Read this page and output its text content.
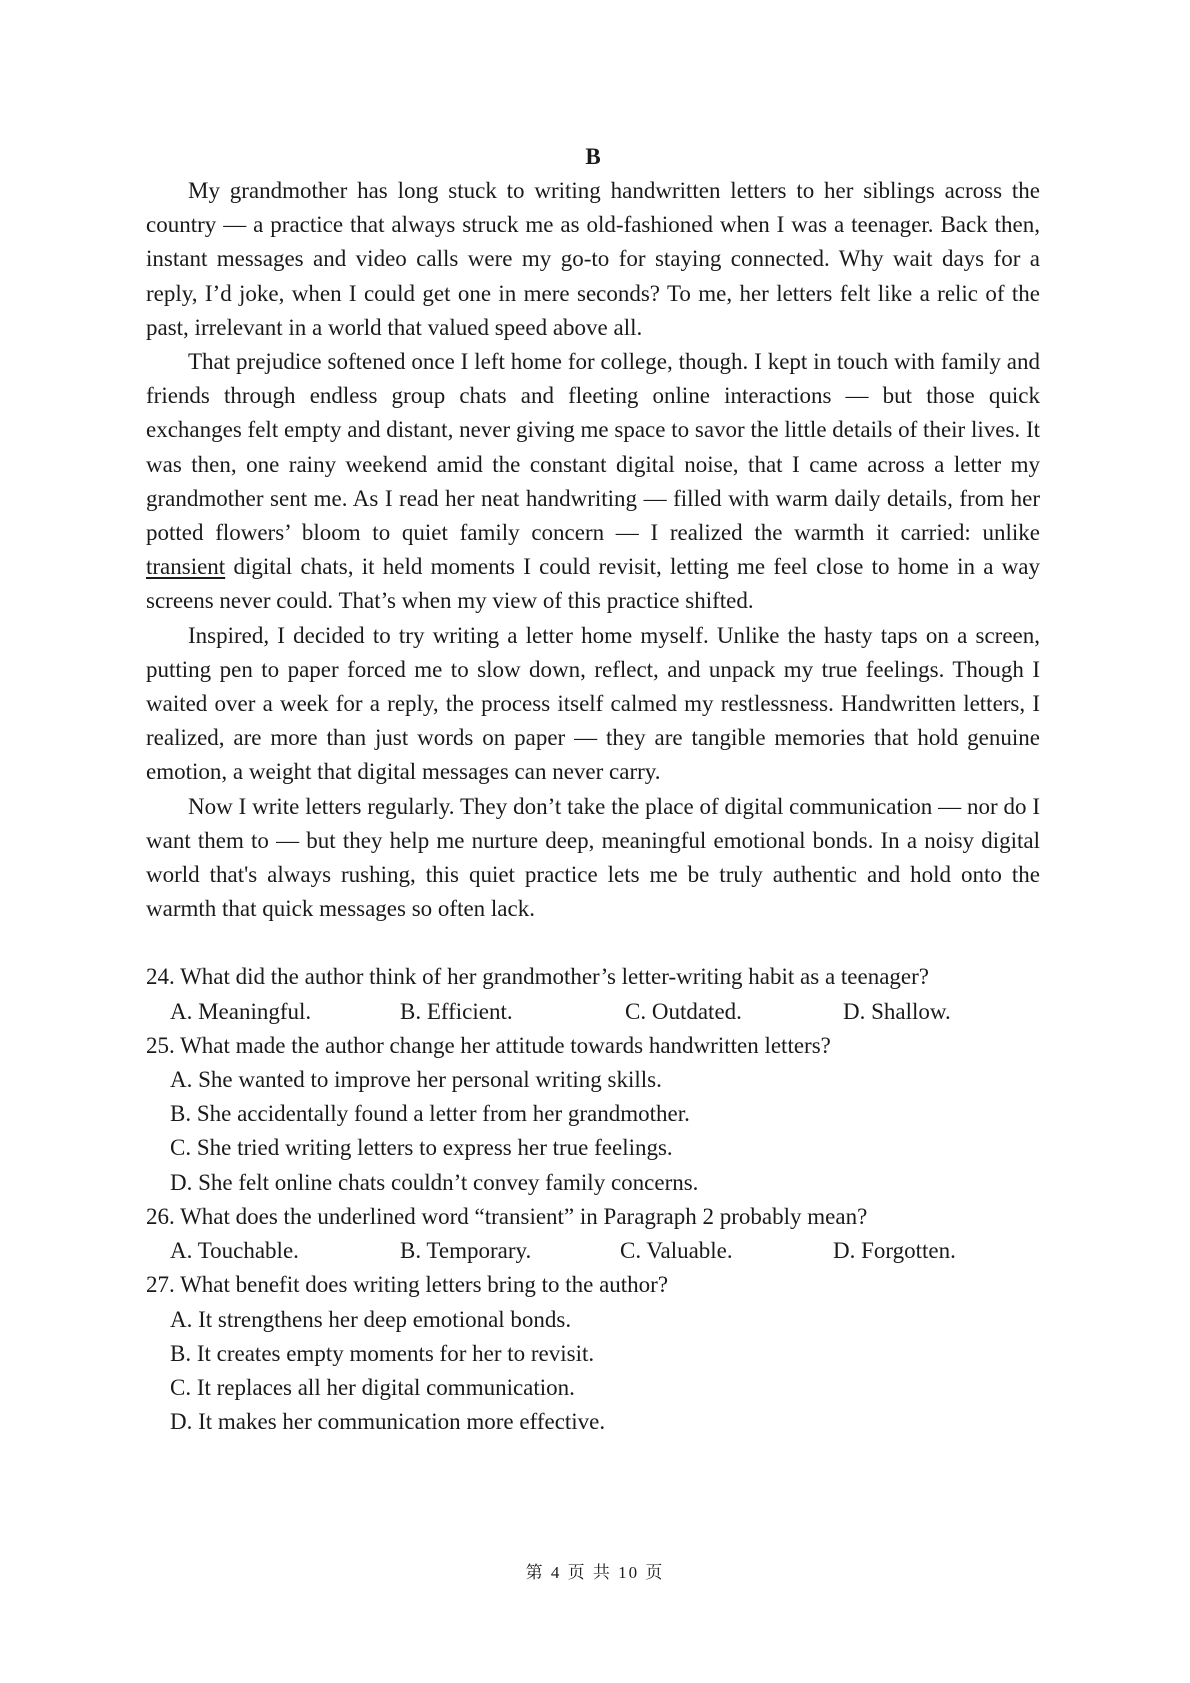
B

My grandmother has long stuck to writing handwritten letters to her siblings across the country — a practice that always struck me as old-fashioned when I was a teenager. Back then, instant messages and video calls were my go-to for staying connected. Why wait days for a reply, I’d joke, when I could get one in mere seconds? To me, her letters felt like a relic of the past, irrelevant in a world that valued speed above all.

That prejudice softened once I left home for college, though. I kept in touch with family and friends through endless group chats and fleeting online interactions — but those quick exchanges felt empty and distant, never giving me space to savor the little details of their lives. It was then, one rainy weekend amid the constant digital noise, that I came across a letter my grandmother sent me. As I read her neat handwriting — filled with warm daily details, from her potted flowers’ bloom to quiet family concern — I realized the warmth it carried: unlike transient digital chats, it held moments I could revisit, letting me feel close to home in a way screens never could. That’s when my view of this practice shifted.

Inspired, I decided to try writing a letter home myself. Unlike the hasty taps on a screen, putting pen to paper forced me to slow down, reflect, and unpack my true feelings. Though I waited over a week for a reply, the process itself calmed my restlessness. Handwritten letters, I realized, are more than just words on paper — they are tangible memories that hold genuine emotion, a weight that digital messages can never carry.

Now I write letters regularly. They don’t take the place of digital communication — nor do I want them to — but they help me nurture deep, meaningful emotional bonds. In a noisy digital world that's always rushing, this quiet practice lets me be truly authentic and hold onto the warmth that quick messages so often lack.

24. What did the author think of her grandmother’s letter-writing habit as a teenager?

A. Meaningful.	B. Efficient.	C. Outdated.	D. Shallow.

25. What made the author change her attitude towards handwritten letters?

A. She wanted to improve her personal writing skills.

B. She accidentally found a letter from her grandmother.

C. She tried writing letters to express her true feelings.

D. She felt online chats couldn’t convey family concerns.

26. What does the underlined word “transient” in Paragraph 2 probably mean?

A. Touchable.	B. Temporary.	C. Valuable.	D. Forgotten.

27. What benefit does writing letters bring to the author?

A. It strengthens her deep emotional bonds.

B. It creates empty moments for her to revisit.

C. It replaces all her digital communication.

D. It makes her communication more effective.

第 4 页 共 10 页
